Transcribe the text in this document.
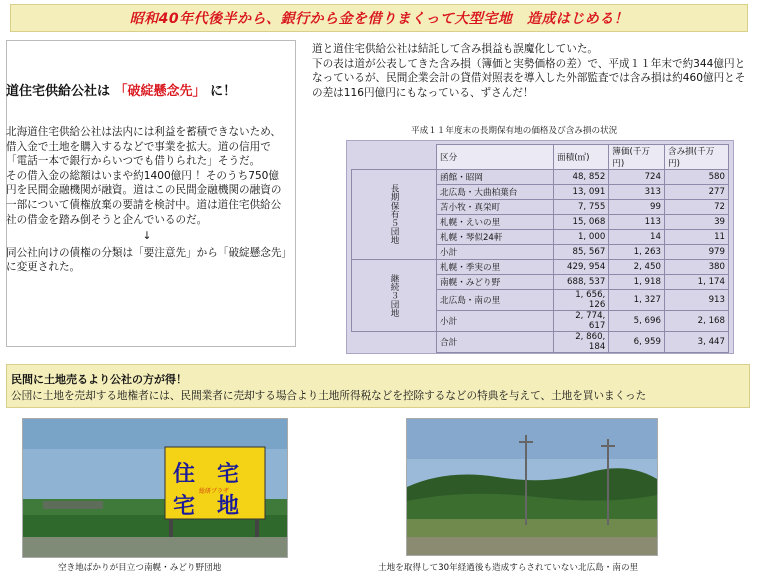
昭和40年代後半から、銀行から金を借りまくって大型宅地　造成はじめる！
道住宅供給公社は 「破綻懸念先」 に！

北海道住宅供給公社は法内には利益を蓄積できないため、借入金で土地を購入するなどで事業を拡大。道の信用で「電話一本で銀行からいつでも借りられた」そうだ。

その借入金の総額はいまや約1400億円 ！そのうち750億円を民間金融機関が融資。道はこの民間金融機関の融資の一部について債権放棄の要請を検討中。道は道住宅供給公社の借金を踏み倒そうと企んでいるのだ。

↓

同公社向けの債権の分類は「要注意先」から「破綻懸念先」に変更された。

道と道住宅供給公社は結託して含み損益も誤魔化していた。

下の表は道が公表してきた含み損（簿価と実勢価格の差）で、平成１１年末で約344億円となっているが、民間企業会計の貸借対照表を導入した外部監査では含み損は約460億円とその差は116円億円にもなっている、ずさんだ！

平成１１年度末の長期保有地の価格及び含み損の状況
	区分	面積(㎡)	簿価(千万円)	含み損(千万円)
長期保有５団地	函館・昭岡	48, 852	724	580
	北広島・大曲柏葉台	13, 091	313	277
	苫小牧・真栄町	7, 755	99	72
	札幌・えいの里	15, 068	113	39
	札幌・琴似24軒	1, 000	14	11
	小計	85, 567	1, 263	979
継続３団地	札幌・季実の里	429, 954	2, 450	380
	南幌・みどり野	688, 537	1, 918	1, 174
	北広島・南の里	1, 656, 126	1, 327	913
	小計	2, 774, 617	5, 696	2, 168
	合計	2, 860, 184	6, 959	3, 447
民間に土地売るより公社の方が得！
公団に土地を売却する地権者には、民間業者に売却する場合より土地所得税などを控除するなどの特典を与えて、土地を買いまくった
住　宅
宅　地
総研ブラザ
空き地ばかりが目立つ南幌・みどり野団地	土地を取得して30年経過後も造成すらされていない北広島・南の里
